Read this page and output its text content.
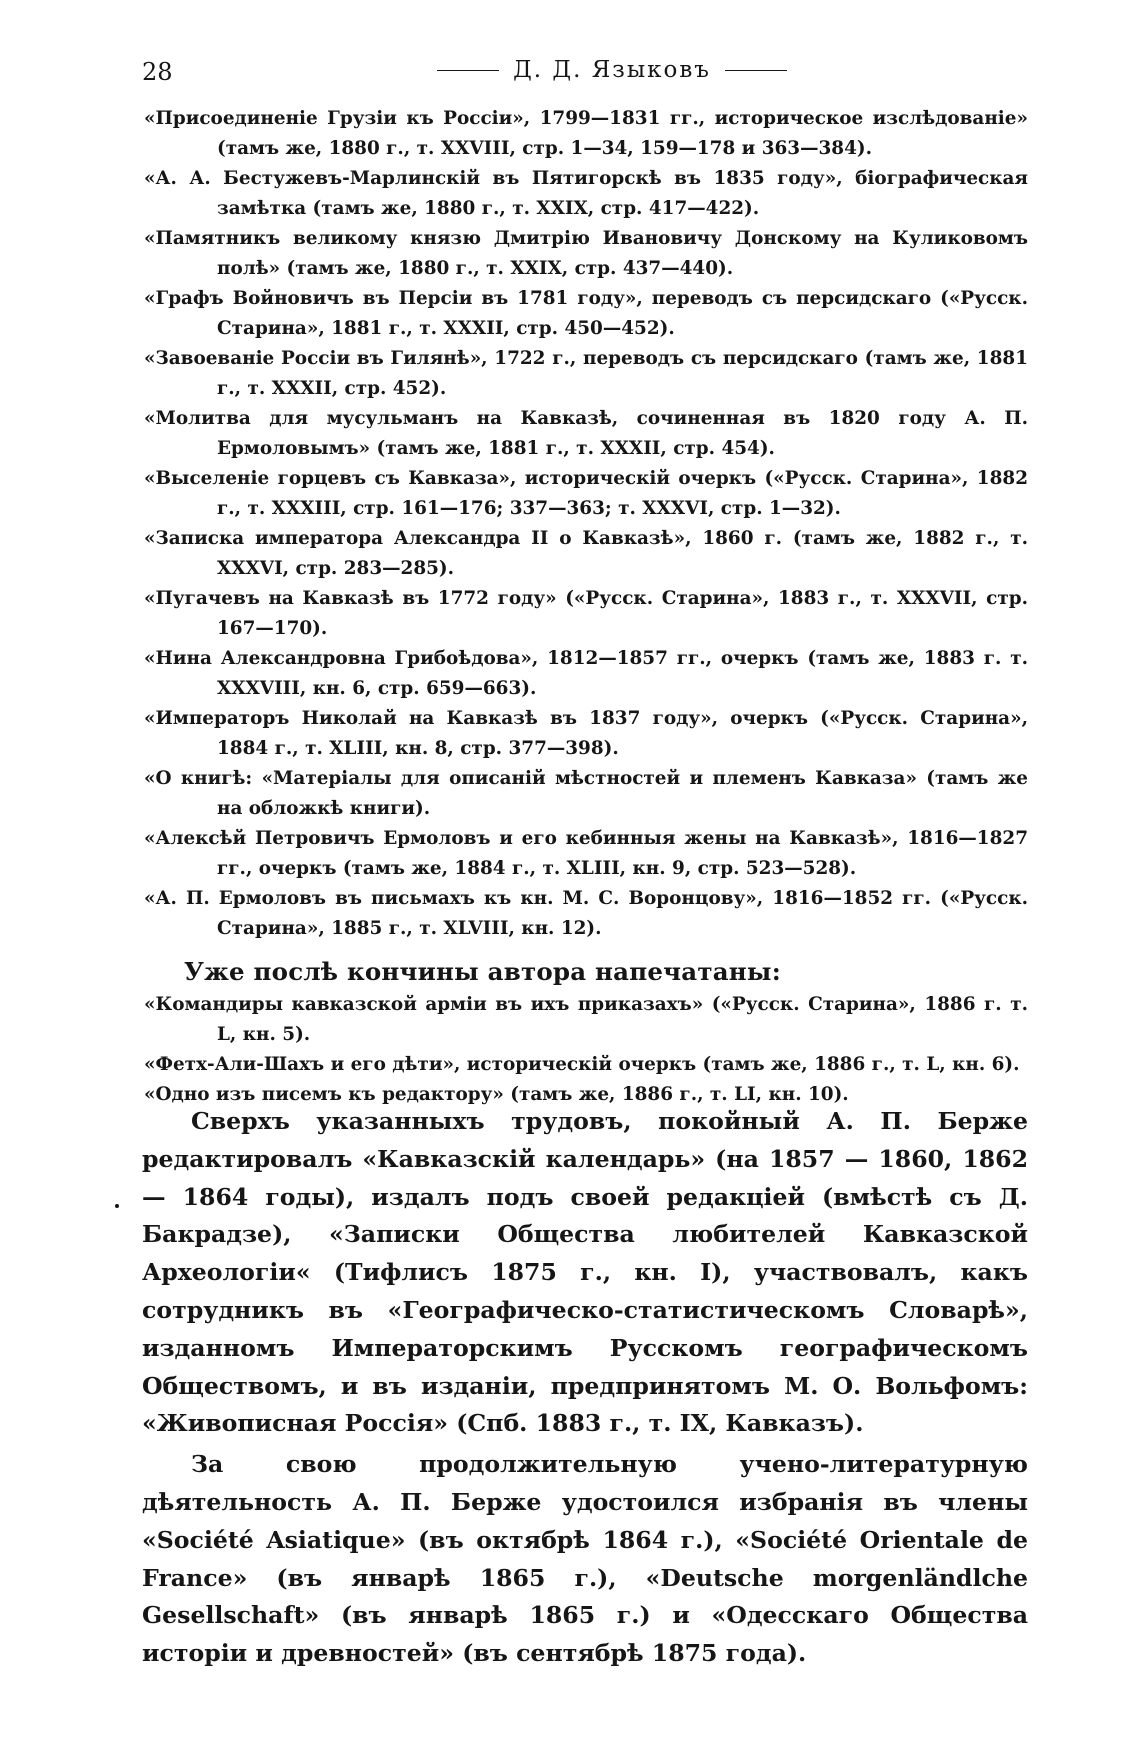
28	Д. Д. Языковъ

«Присоединеніе Грузіи къ Россіи», 1799—1831 гг., историческое изслѣдованіе» (тамъ же, 1880 г., т. XXVIII, стр. 1—34, 159—178 и 363—384).

«А. А. Бестужевъ-Марлинскій въ Пятигорскѣ въ 1835 году», біографическая замѣтка (тамъ же, 1880 г., т. XXIX, стр. 417—422).

«Памятникъ великому князю Дмитрію Ивановичу Донскому на Куликовомъ полѣ» (тамъ же, 1880 г., т. XXIX, стр. 437—440).

«Графъ Войновичъ въ Персіи въ 1781 году», переводъ съ персидскаго («Русск. Старина», 1881 г., т. XXXII, стр. 450—452).

«Завоеваніе Россіи въ Гилянѣ», 1722 г., переводъ съ персидскаго (тамъ же, 1881 г., т. XXXII, стр. 452).

«Молитва для мусульманъ на Кавказѣ, сочиненная въ 1820 году А. П. Ермоловымъ» (тамъ же, 1881 г., т. XXXII, стр. 454).

«Выселеніе горцевъ съ Кавказа», историческій очеркъ («Русск. Старина», 1882 г., т. XXXIII, стр. 161—176; 337—363; т. XXXVI, стр. 1—32).

«Записка императора Александра II о Кавказѣ», 1860 г. (тамъ же, 1882 г., т. XXXVI, стр. 283—285).

«Пугачевъ на Кавказѣ въ 1772 году» («Русск. Старина», 1883 г., т. XXXVII, стр. 167—170).

«Нина Александровна Грибоѣдова», 1812—1857 гг., очеркъ (тамъ же, 1883 г. т. XXXVIII, кн. 6, стр. 659—663).

«Императоръ Николай на Кавказѣ въ 1837 году», очеркъ («Русск. Старина», 1884 г., т. XLIII, кн. 8, стр. 377—398).

«О книгѣ: «Матеріалы для описаній мѣстностей и племенъ Кавказа» (тамъ же на обложкѣ книги).

«Алексѣй Петровичъ Ермоловъ и его кебинныя жены на Кавказѣ», 1816—1827 гг., очеркъ (тамъ же, 1884 г., т. XLIII, кн. 9, стр. 523—528).

«А. П. Ермоловъ въ письмахъ къ кн. М. С. Воронцову», 1816—1852 гг. («Русск. Старина», 1885 г., т. XLVIII, кн. 12).

Уже послѣ кончины автора напечатаны:

«Командиры кавказской арміи въ ихъ приказахъ» («Русск. Старина», 1886 г. т. L, кн. 5).

«Фетх-Али-Шахъ и его дѣти», историческій очеркъ (тамъ же, 1886 г., т. L, кн. 6).

«Одно изъ писемъ къ редактору» (тамъ же, 1886 г., т. LI, кн. 10).

Сверхъ указанныхъ трудовъ, покойный А. П. Берже редактировалъ «Кавказскій календарь» (на 1857 — 1860, 1862 — 1864 годы), издалъ подъ своей редакціей (вмѣстѣ съ Д. Бакрадзе), «Записки Общества любителей Кавказской Археологіи« (Тифлисъ 1875 г., кн. I), участвовалъ, какъ сотрудникъ въ «Географическо-статистическомъ Словарѣ», изданномъ Императорскимъ Русскомъ географическомъ Обществомъ, и въ изданіи, предпринятомъ М. О. Вольфомъ: «Живописная Россія» (Спб. 1883 г., т. IX, Кавказъ).

За свою продолжительную учено-литературную дѣятельность А. П. Берже удостоился избранія въ члены «Société Asiatique» (въ октябрѣ 1864 г.), «Société Orientale de France» (въ январѣ 1865 г.), «Deutsche morgenländlche Gesellschaft» (въ январѣ 1865 г.) и «Одесскаго Общества исторіи и древностей» (въ сентябрѣ 1875 года).
